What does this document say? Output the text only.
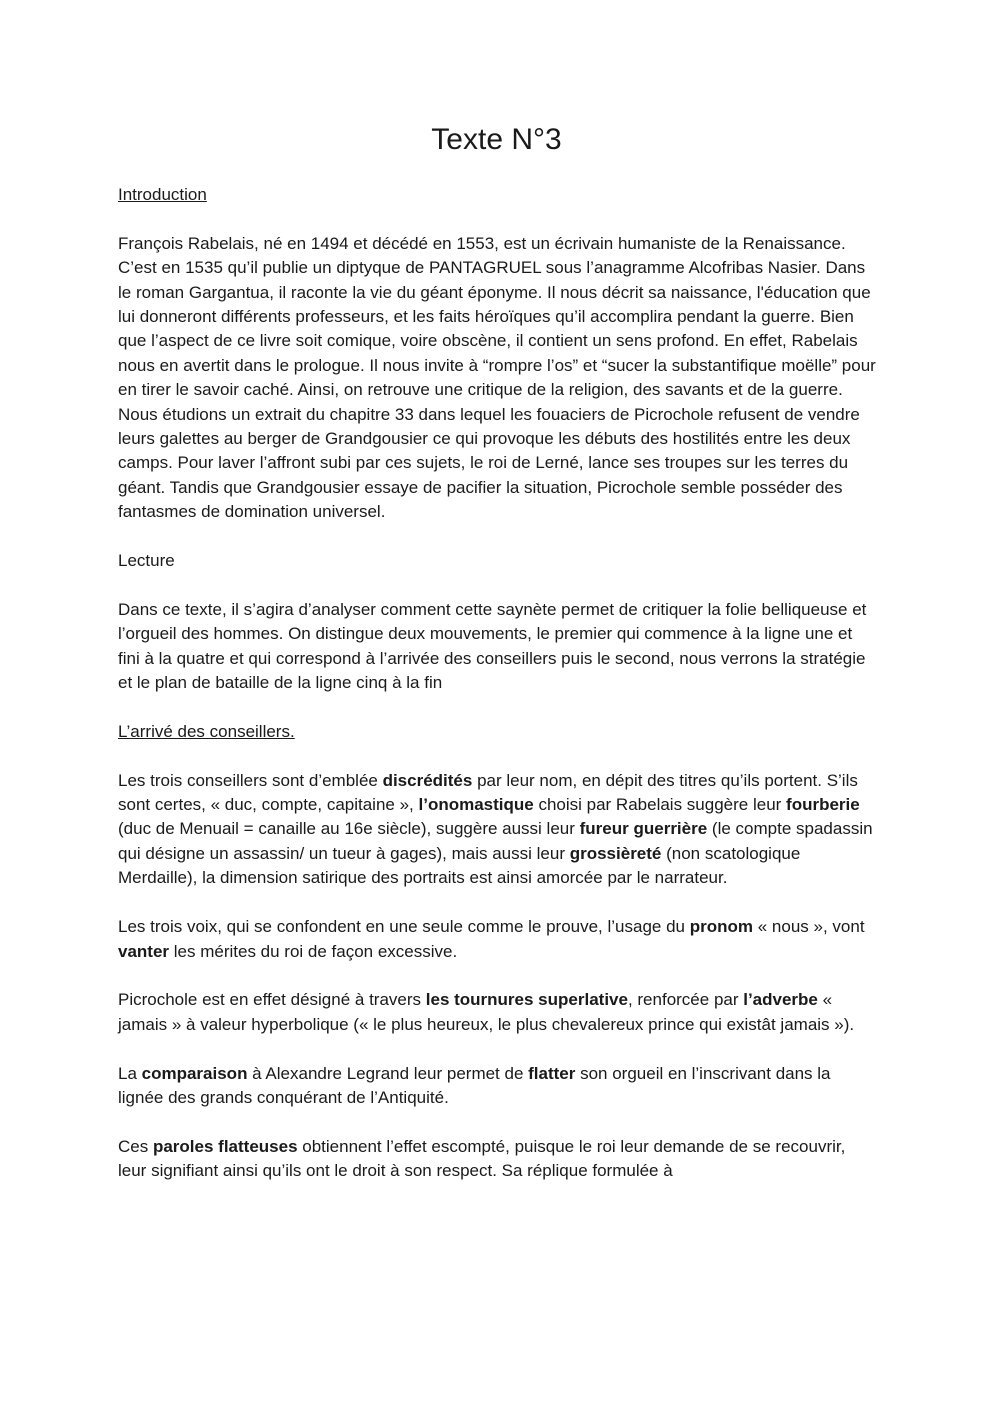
Texte N°3

Introduction

François Rabelais, né en 1494 et décédé en 1553, est un écrivain humaniste de la Renaissance. C’est en 1535 qu’il publie un diptyque de PANTAGRUEL sous l’anagramme Alcofribas Nasier. Dans le roman Gargantua, il raconte la vie du géant éponyme. Il nous décrit sa naissance, l'éducation que lui donneront différents professeurs, et les faits héroïques qu’il accomplira pendant la guerre. Bien que l’aspect de ce livre soit comique, voire obscène, il contient un sens profond. En effet, Rabelais nous en avertit dans le prologue. Il nous invite à “rompre l’os” et “sucer la substantifique moëlle” pour en tirer le savoir caché. Ainsi, on retrouve une critique de la religion, des savants et de la guerre. Nous étudions un extrait du chapitre 33 dans lequel les fouaciers de Picrochole refusent de vendre leurs galettes au berger de Grandgousier ce qui provoque les débuts des hostilités entre les deux camps. Pour laver l’affront subi par ces sujets, le roi de Lerné, lance ses troupes sur les terres du géant. Tandis que Grandgousier essaye de pacifier la situation, Picrochole semble posséder des fantasmes de domination universel.

Lecture

Dans ce texte, il s’agira d’analyser comment cette saynète permet de critiquer la folie belliqueuse et l’orgueil des hommes. On distingue deux mouvements, le premier qui commence à la ligne une et fini à la quatre et qui correspond à l’arrivée des conseillers puis le second, nous verrons la stratégie et le plan de bataille de la ligne cinq à la fin

L’arrivé des conseillers.

Les trois conseillers sont d’emblée discrédités par leur nom, en dépit des titres qu’ils portent. S’ils sont certes, « duc, compte, capitaine », l’onomastique choisi par Rabelais suggère leur fourberie (duc de Menuail = canaille au 16e siècle), suggère aussi leur fureur guerrière (le compte spadassin qui désigne un assassin/ un tueur à gages), mais aussi leur grossièreté (non scatologique Merdaille), la dimension satirique des portraits est ainsi amorcée par le narrateur.

Les trois voix, qui se confondent en une seule comme le prouve, l’usage du pronom « nous », vont vanter les mérites du roi de façon excessive.

Picrochole est en effet désigné à travers les tournures superlative, renforcée par l’adverbe « jamais » à valeur hyperbolique (« le plus heureux, le plus chevalereux prince qui existât jamais »).

La comparaison à Alexandre Legrand leur permet de flatter son orgueil en l’inscrivant dans la lignée des grands conquérant de l’Antiquité.

Ces paroles flatteuses obtiennent l’effet escompté, puisque le roi leur demande de se recouvrir, leur signifiant ainsi qu’ils ont le droit à son respect. Sa réplique formulée à
